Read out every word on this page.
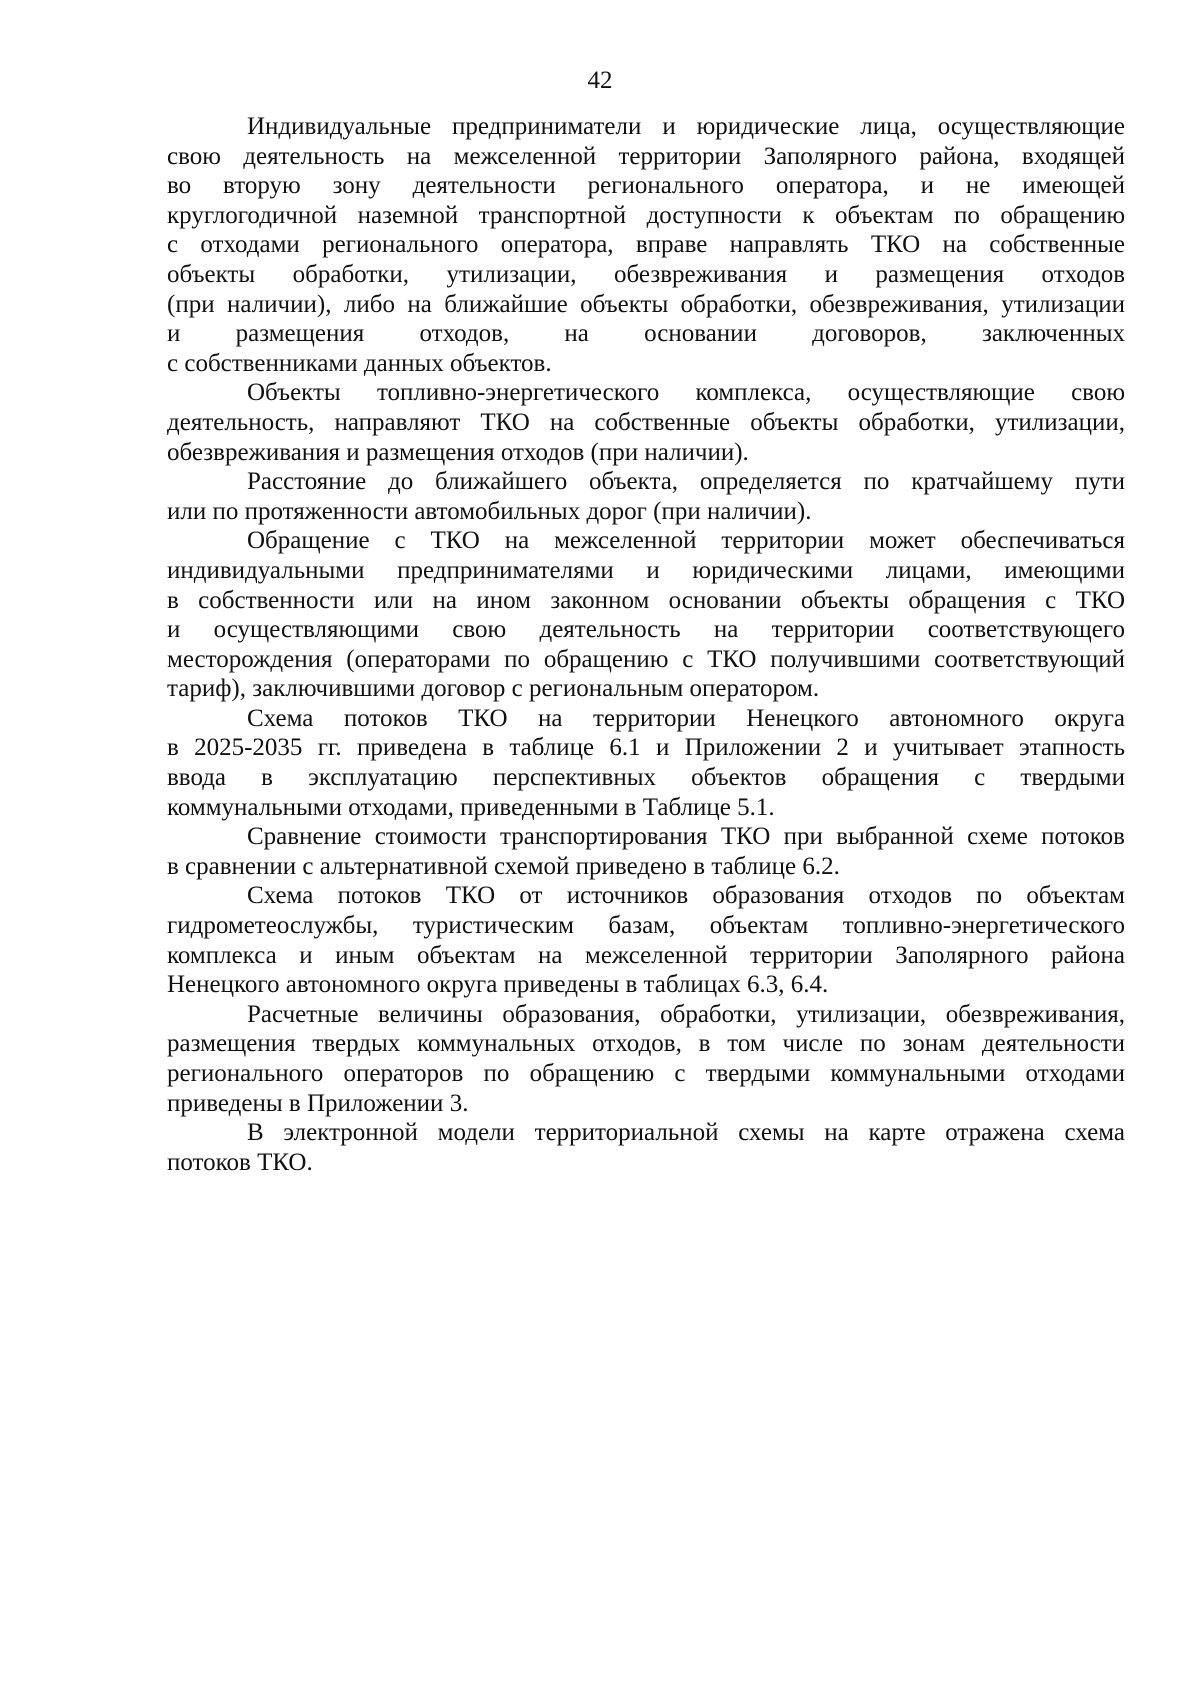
42

Индивидуальные предприниматели и юридические лица, осуществляющие
свою деятельность на межселенной территории Заполярного района, входящей
во вторую зону деятельности регионального оператора, и не имеющей
круглогодичной наземной транспортной доступности к объектам по обращению
с отходами регионального оператора, вправе направлять ТКО на собственные
объекты обработки, утилизации, обезвреживания и размещения отходов
(при наличии), либо на ближайшие объекты обработки, обезвреживания, утилизации
и размещения отходов, на основании договоров, заключенных
с собственниками данных объектов.

Объекты топливно-энергетического комплекса, осуществляющие свою
деятельность, направляют ТКО на собственные объекты обработки, утилизации,
обезвреживания и размещения отходов (при наличии).

Расстояние до ближайшего объекта, определяется по кратчайшему пути
или по протяженности автомобильных дорог (при наличии).

Обращение с ТКО на межселенной территории может обеспечиваться
индивидуальными предпринимателями и юридическими лицами, имеющими
в собственности или на ином законном основании объекты обращения с ТКО
и осуществляющими свою деятельность на территории соответствующего
месторождения (операторами по обращению с ТКО получившими соответствующий
тариф), заключившими договор с региональным оператором.

Схема потоков ТКО на территории Ненецкого автономного округа
в 2025-2035 гг. приведена в таблице 6.1 и Приложении 2 и учитывает этапность
ввода в эксплуатацию перспективных объектов обращения с твердыми
коммунальными отходами, приведенными в Таблице 5.1.

Сравнение стоимости транспортирования ТКО при выбранной схеме потоков
в сравнении с альтернативной схемой приведено в таблице 6.2.

Схема потоков ТКО от источников образования отходов по объектам
гидрометеослужбы, туристическим базам, объектам топливно-энергетического
комплекса и иным объектам на межселенной территории Заполярного района
Ненецкого автономного округа приведены в таблицах 6.3, 6.4.

Расчетные величины образования, обработки, утилизации, обезвреживания,
размещения твердых коммунальных отходов, в том числе по зонам деятельности
регионального операторов по обращению с твердыми коммунальными отходами
приведены в Приложении 3.

В электронной модели территориальной схемы на карте отражена схема
потоков ТКО.
